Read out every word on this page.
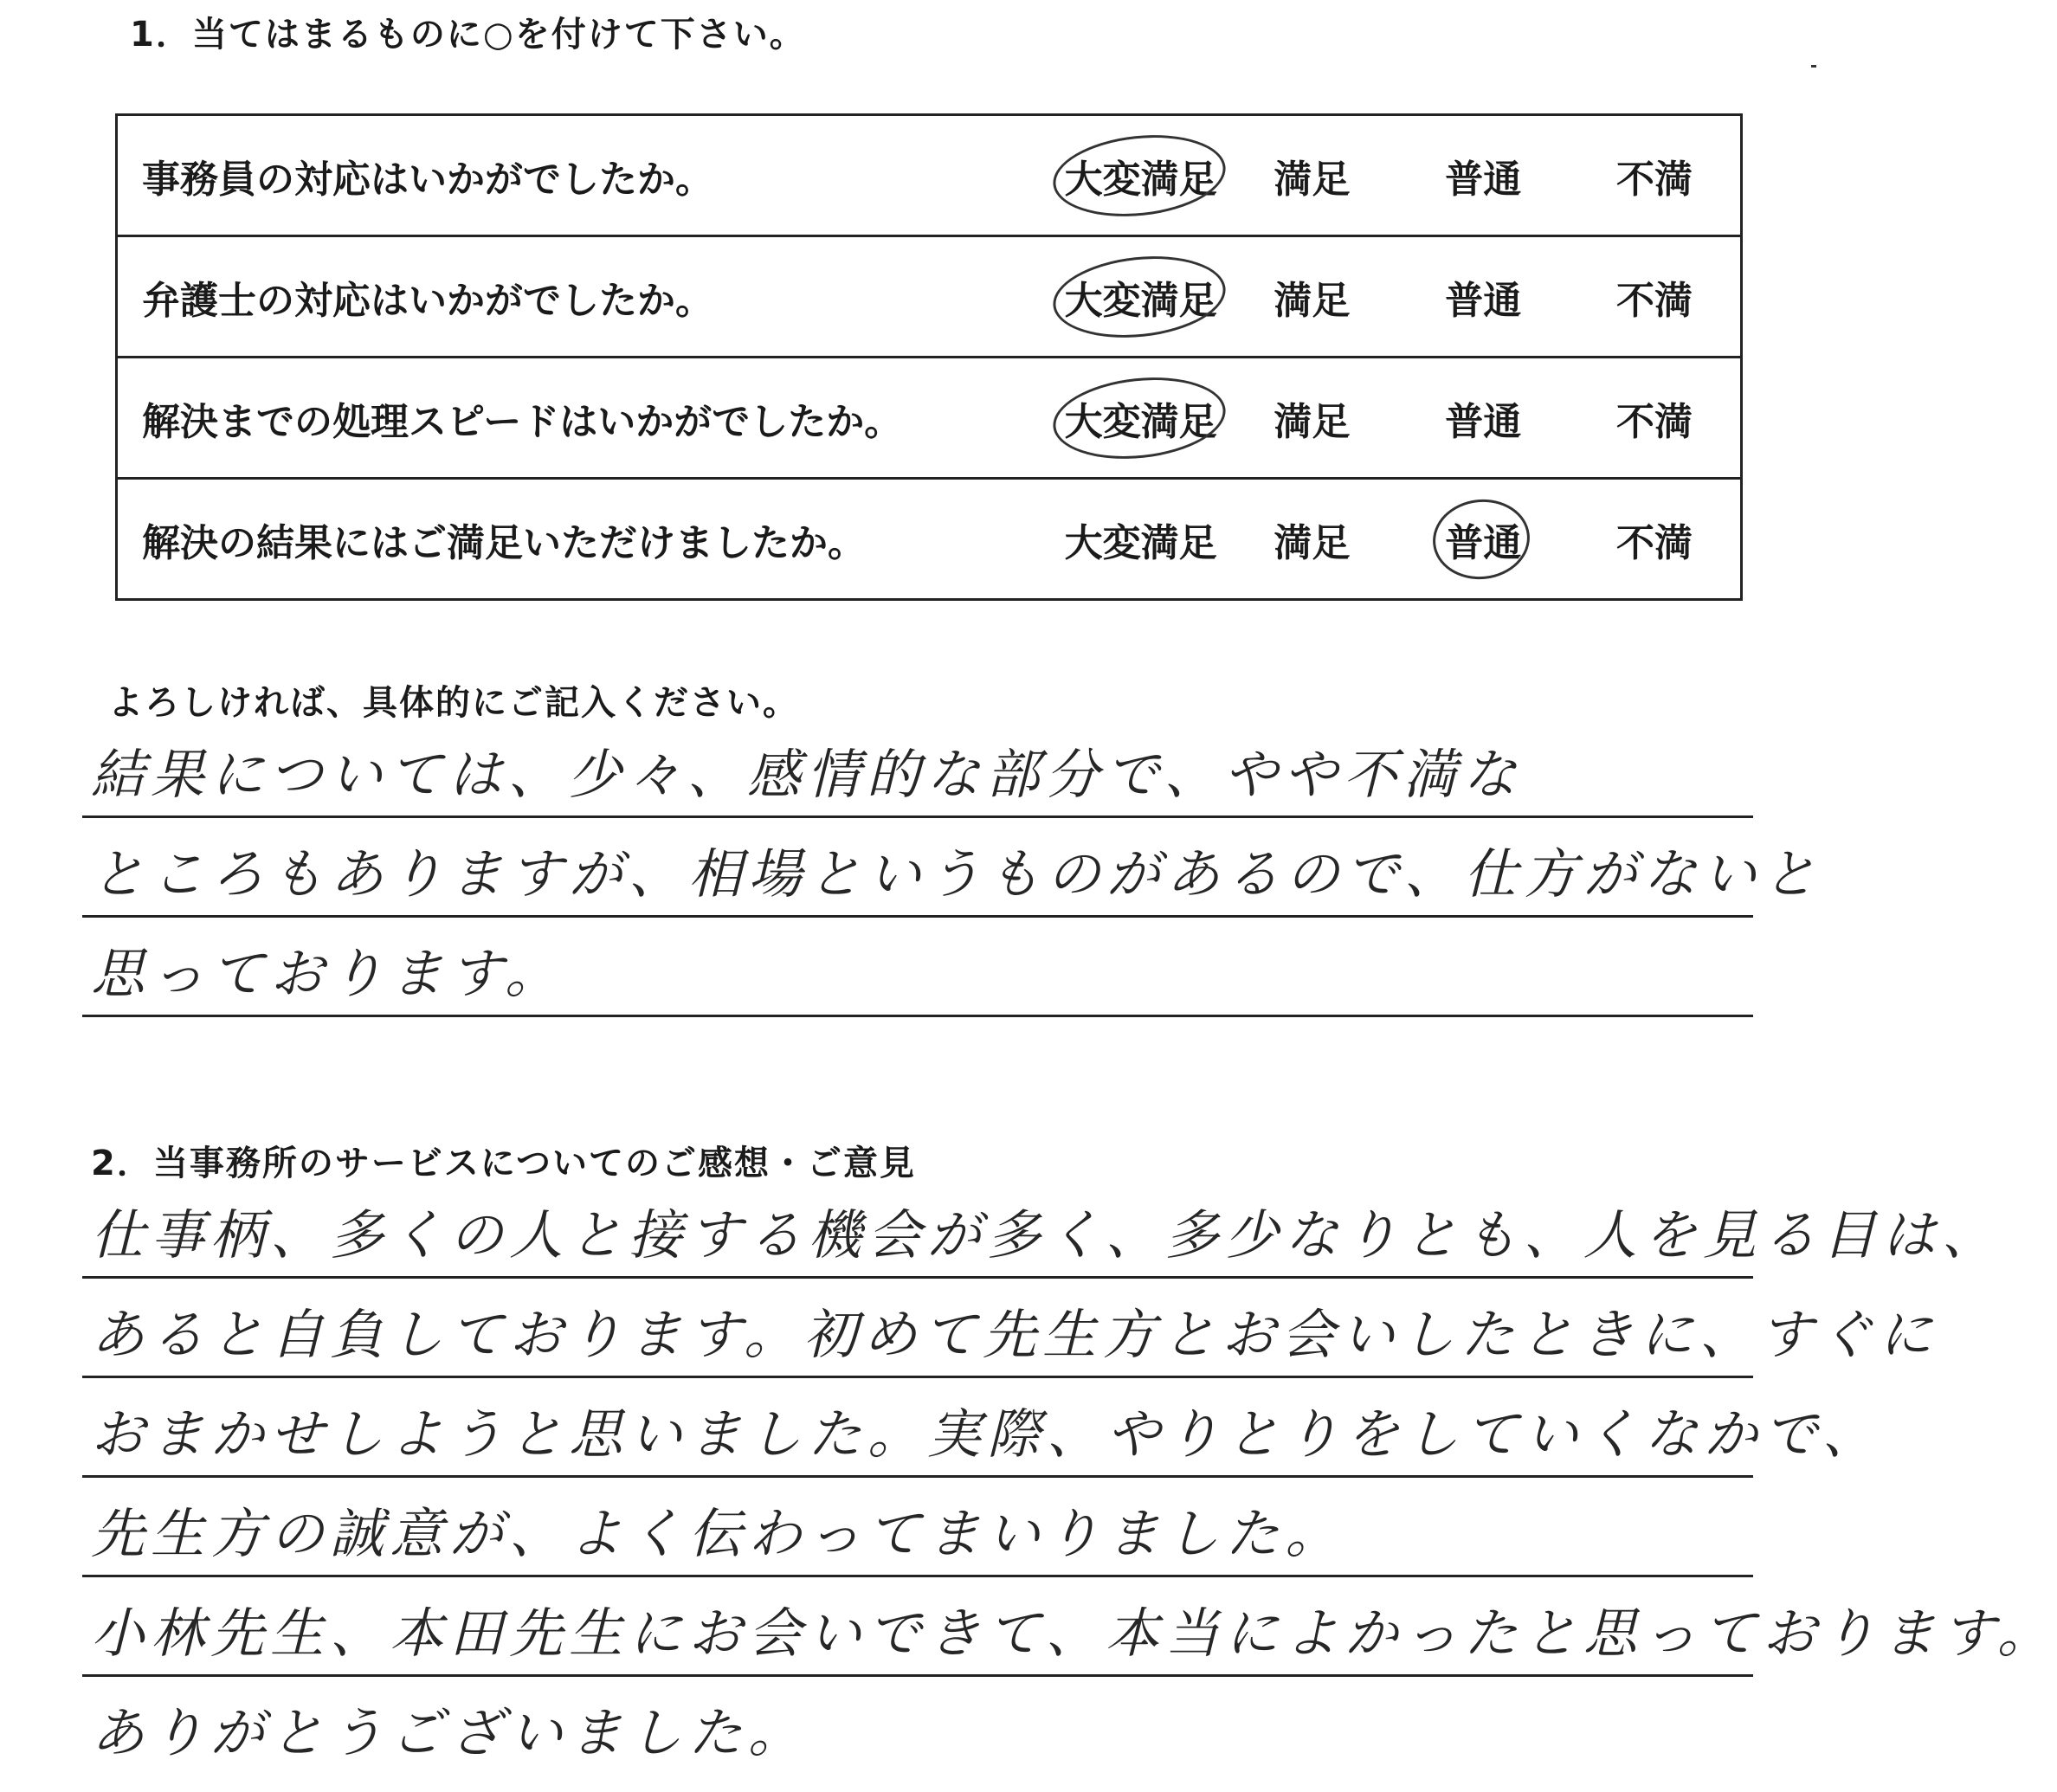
1．当てはまるものに○を付けて下さい。
事務員の対応はいかがでしたか。	大変満足	満足	普通	不満
弁護士の対応はいかがでしたか。	大変満足	満足	普通	不満
解決までの処理スピードはいかがでしたか。	大変満足	満足	普通	不満
解決の結果にはご満足いただけましたか。	大変満足	満足	普通	不満
よろしければ、具体的にご記入ください。
結果については、少々、感情的な部分で、やや不満な
ところもありますが、相場というものがあるので、仕方がないと
思っております。
2．当事務所のサービスについてのご感想・ご意見
仕事柄、多くの人と接する機会が多く、多少なりとも、人を見る目は、
あると自負しております。初めて先生方とお会いしたときに、すぐに
おまかせしようと思いました。実際、やりとりをしていくなかで、
先生方の誠意が、よく伝わってまいりました。
小林先生、本田先生にお会いできて、本当によかったと思っております。
ありがとうございました。
